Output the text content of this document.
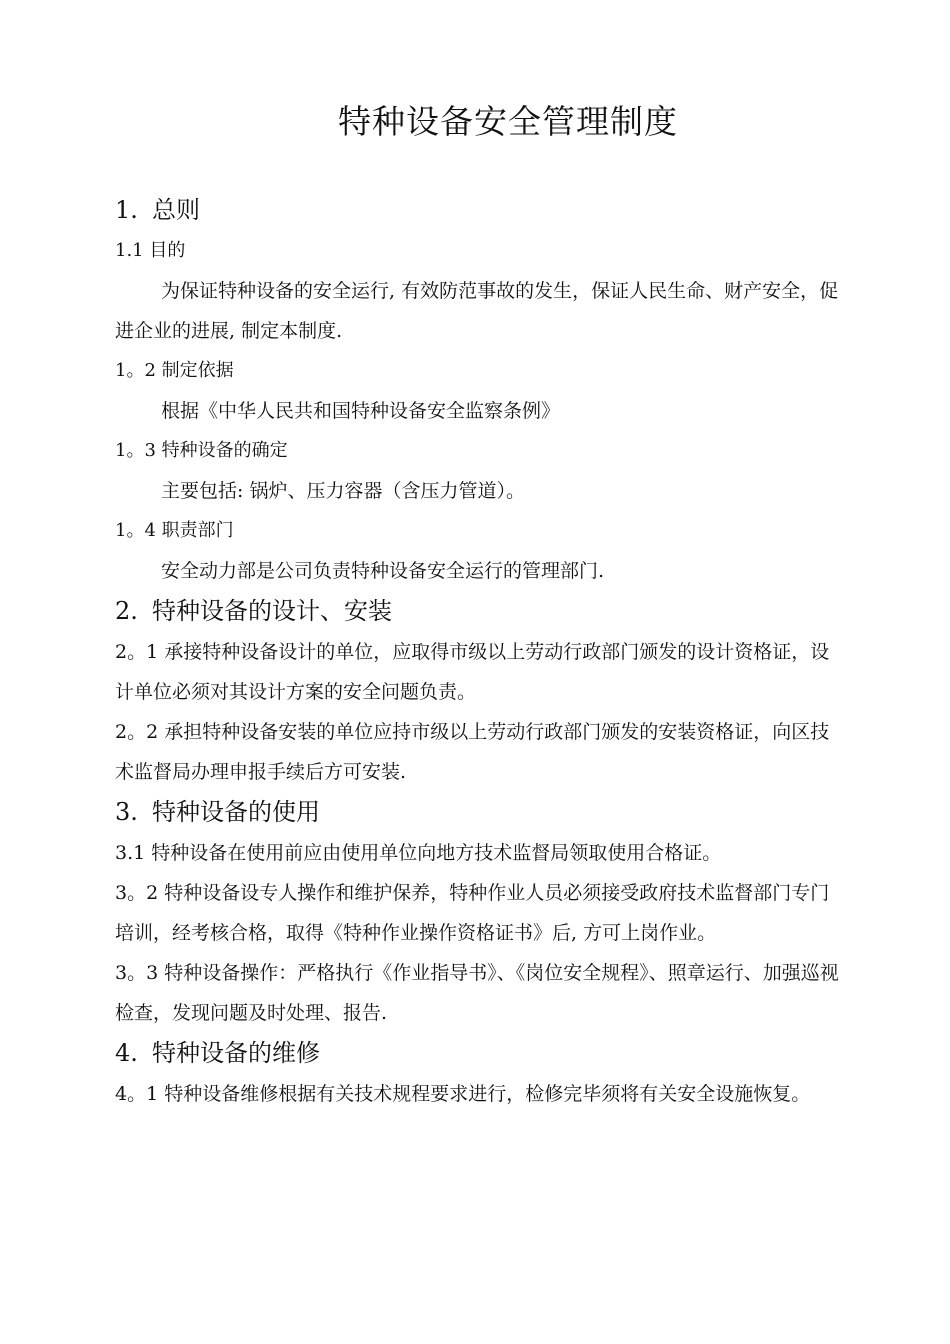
特种设备安全管理制度
1. 总则

1.1 目的

为保证特种设备的安全运行, 有效防范事故的发生，保证人民生命、财产安全，促进企业的进展, 制定本制度.

1。2 制定依据

根据《中华人民共和国特种设备安全监察条例》

1。3 特种设备的确定

主要包括: 锅炉、压力容器（含压力管道）。

1。4 职责部门

安全动力部是公司负责特种设备安全运行的管理部门.

2. 特种设备的设计、安装

2。1 承接特种设备设计的单位，应取得市级以上劳动行政部门颁发的设计资格证，设计单位必须对其设计方案的安全问题负责。

2。2 承担特种设备安装的单位应持市级以上劳动行政部门颁发的安装资格证，向区技术监督局办理申报手续后方可安装.

3. 特种设备的使用

3.1 特种设备在使用前应由使用单位向地方技术监督局领取使用合格证。

3。2 特种设备设专人操作和维护保养，特种作业人员必须接受政府技术监督部门专门培训，经考核合格，取得《特种作业操作资格证书》后, 方可上岗作业。

3。3 特种设备操作：严格执行《作业指导书》、《岗位安全规程》、照章运行、加强巡视检查，发现问题及时处理、报告.

4. 特种设备的维修

4。1 特种设备维修根据有关技术规程要求进行，检修完毕须将有关安全设施恢复。
